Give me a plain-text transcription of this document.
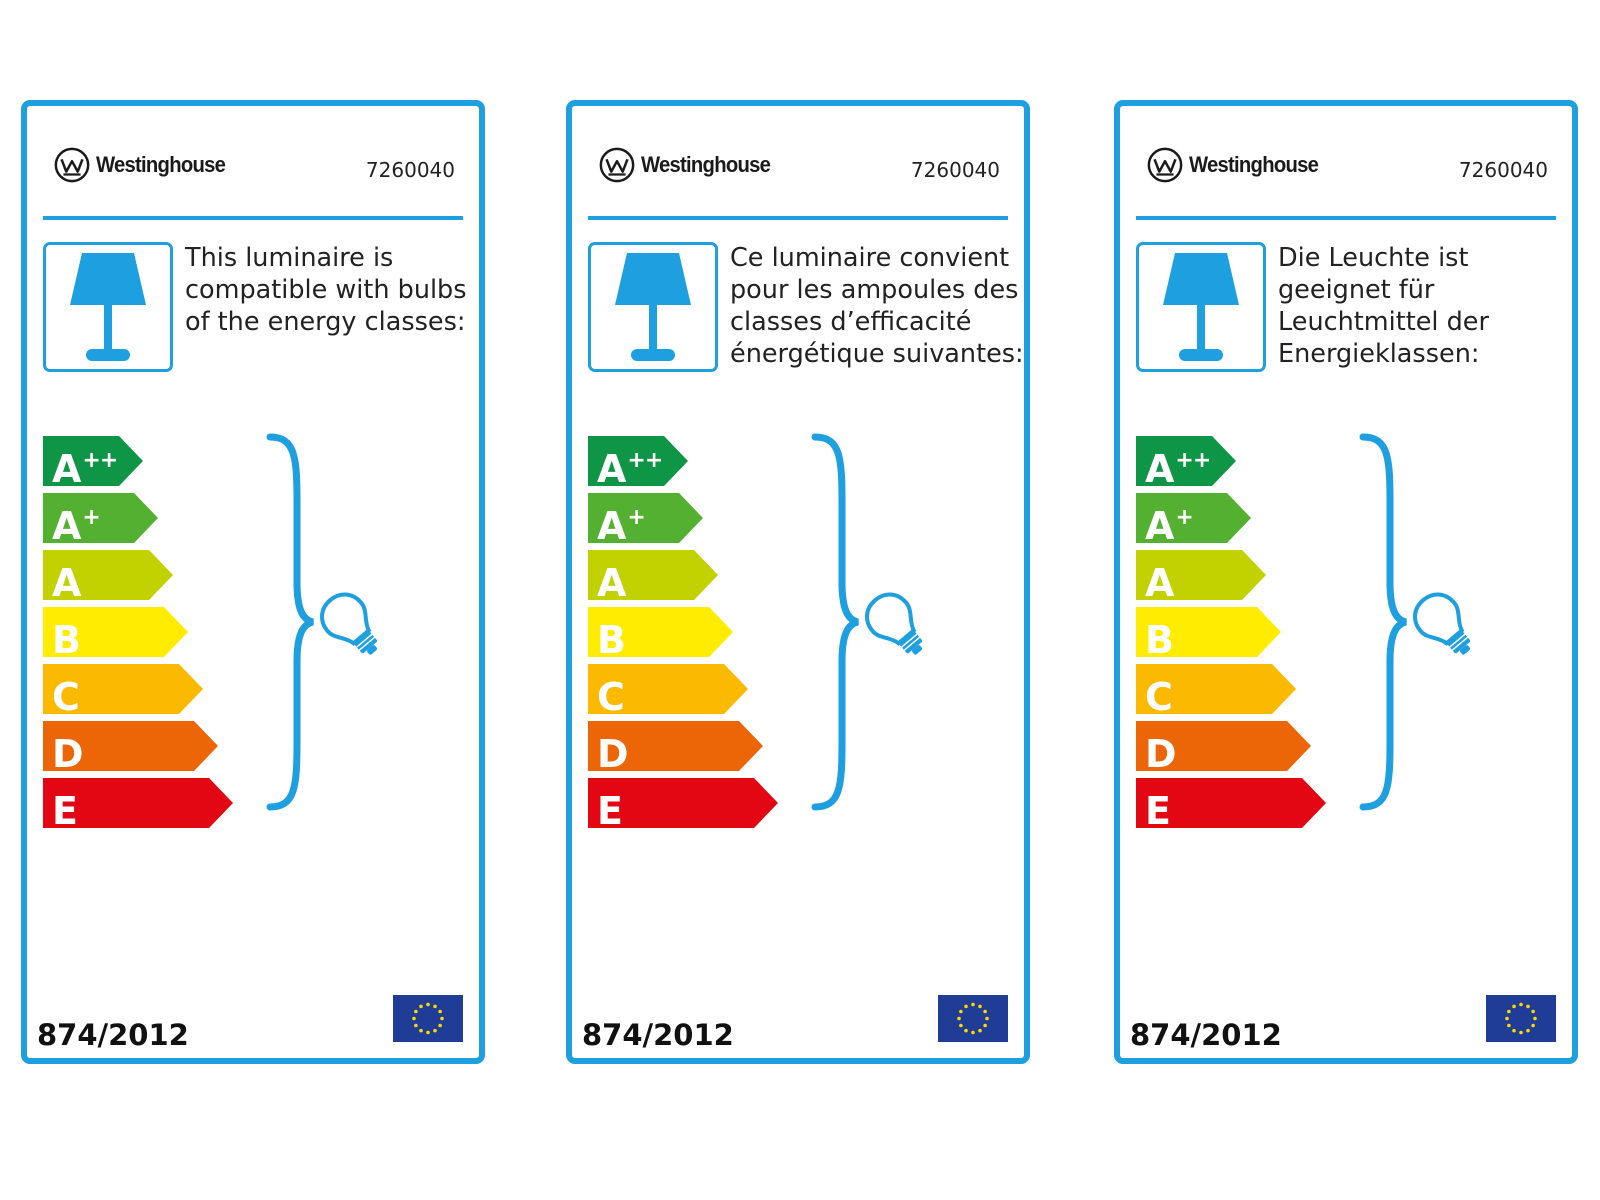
Westinghouse	7260040

This luminaire is
compatible with bulbs
of the energy classes:

A++
A+
A
B
C
D
E
874/2012
Westinghouse	7260040

Ce luminaire convient
pour les ampoules des
classes d’efficacité
énergétique suivantes:

A++
A+
A
B
C
D
E
874/2012
Westinghouse	7260040

Die Leuchte ist
geeignet für
Leuchtmittel der
Energieklassen:

A++
A+
A
B
C
D
E
874/2012
